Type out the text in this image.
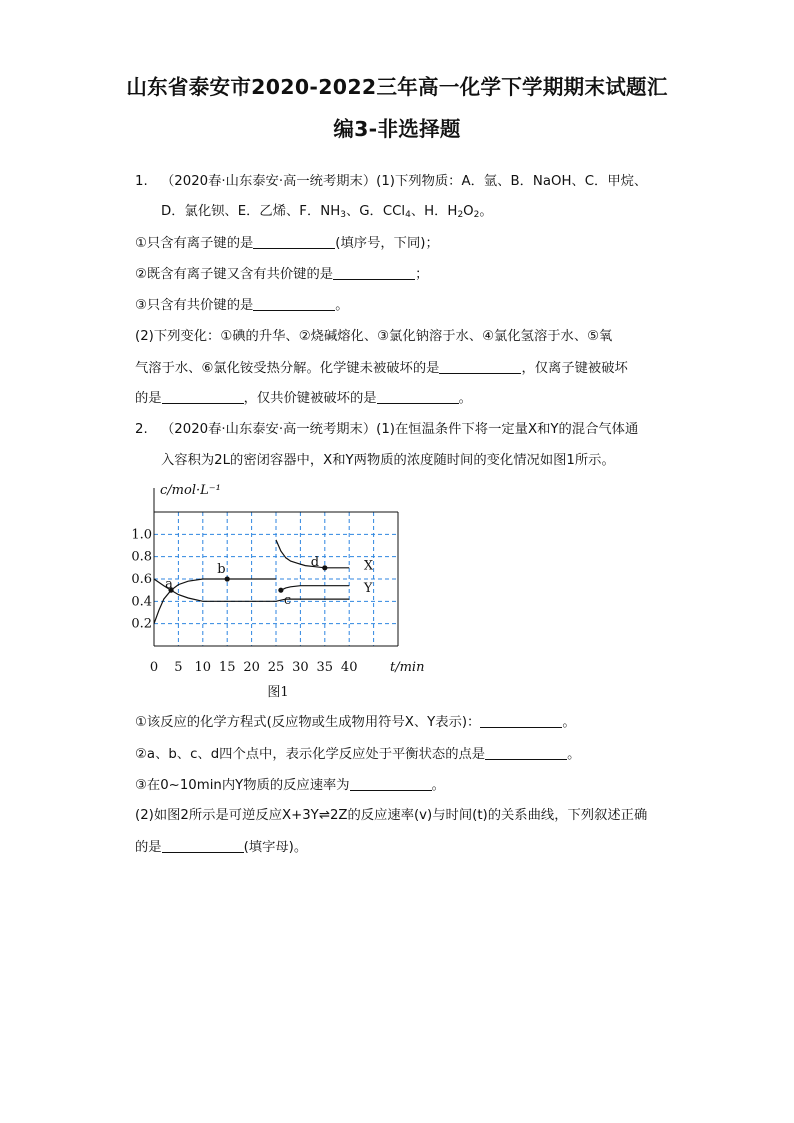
山东省泰安市2020-2022三年高一化学下学期期末试题汇
编3-非选择题
1. （2020春·山东泰安·高一统考期末）(1)下列物质：A．氩、B．NaOH、C．甲烷、
D．氯化钡、E．乙烯、F．$NH_3$、G．CCl$_4$、H．$H_2O_2$。
①只含有离子键的是	(填序号，下同)；
②既含有离子键又含有共价键的是	；
③只含有共价键的是	。
(2)下列变化：①碘的升华、②烧碱熔化、③氯化钠溶于水、④氯化氢溶于水、⑤氧
气溶于水、⑥氯化铵受热分解。化学键未被破坏的是	，仅离子键被破坏
的是	，仅共价键被破坏的是	。
2. （2020春·山东泰安·高一统考期末）(1)在恒温条件下将一定量X和Y的混合气体通
入容积为2L的密闭容器中，X和Y两物质的浓度随时间的变化情况如图1所示。
c/mol·L⁻¹
t/min
0 5 10 15 20 25 30 35 40
0.2
0.4
0.6
0.8
1.0
a
b
c
d	X
Y
图1
①该反应的化学方程式(反应物或生成物用符号X、Y表示)：	。
②a、b、c、d四个点中，表示化学反应处于平衡状态的点是	。
③在0~10min内Y物质的反应速率为	。
(2)如图2所示是可逆反应X+3Y⇌2Z的反应速率(v)与时间(t)的关系曲线，下列叙述正确
的是	(填字母)。
